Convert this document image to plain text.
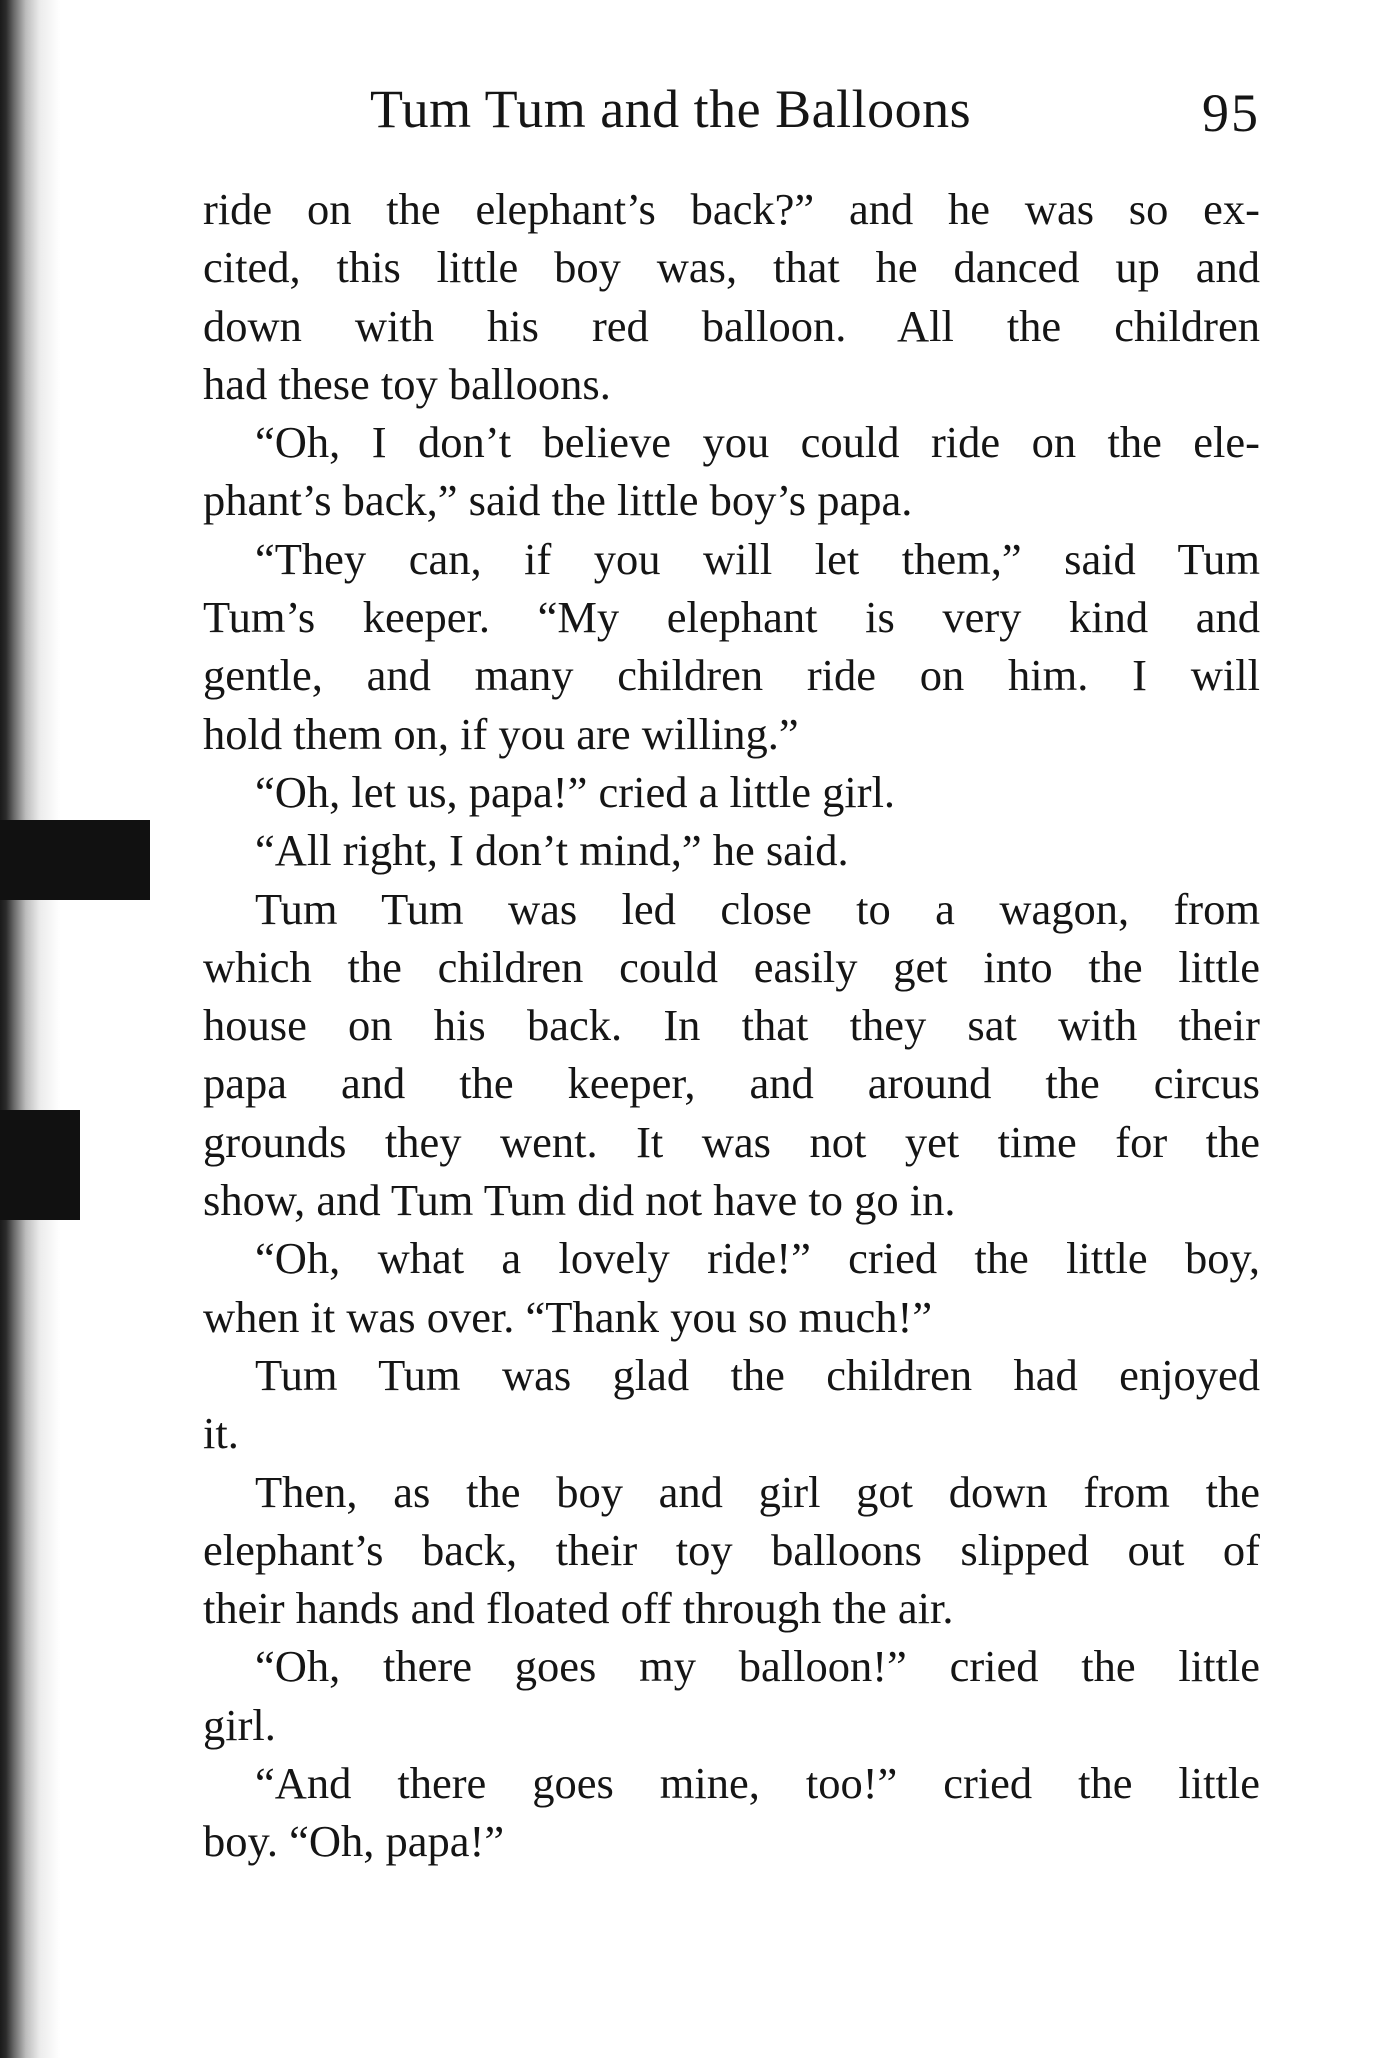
Tum Tum and the Balloons	95
ride on the elephant’s back?” and he was so ex-
cited, this little boy was, that he danced up and
down with his red balloon. All the children
had these toy balloons.
“Oh, I don’t believe you could ride on the ele-
phant’s back,” said the little boy’s papa.
“They can, if you will let them,” said Tum
Tum’s keeper. “My elephant is very kind and
gentle, and many children ride on him. I will
hold them on, if you are willing.”
“Oh, let us, papa!” cried a little girl.
“All right, I don’t mind,” he said.
Tum Tum was led close to a wagon, from
which the children could easily get into the little
house on his back. In that they sat with their
papa and the keeper, and around the circus
grounds they went. It was not yet time for the
show, and Tum Tum did not have to go in.
“Oh, what a lovely ride!” cried the little boy,
when it was over. “Thank you so much!”
Tum Tum was glad the children had enjoyed
it.
Then, as the boy and girl got down from the
elephant’s back, their toy balloons slipped out of
their hands and floated off through the air.
“Oh, there goes my balloon!” cried the little
girl.
“And there goes mine, too!” cried the little
boy. “Oh, papa!”
